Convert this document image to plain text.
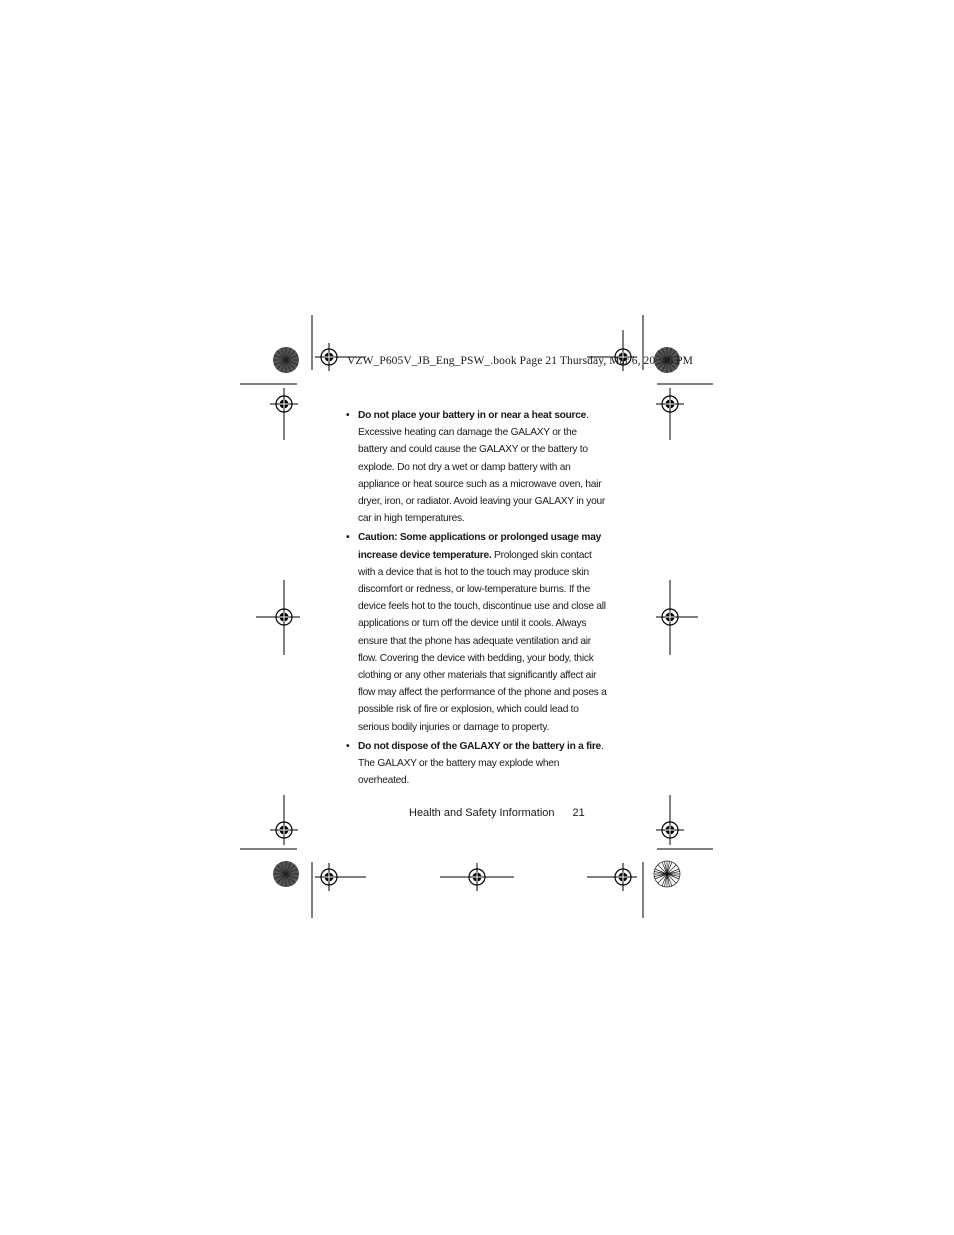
VZW_P605V_JB_Eng_PSW_.book Page 21 Thursday, Mar 6, 20 :46 PM
• Do not place your battery in or near a heat source. Excessive heating can damage the GALAXY or the battery and could cause the GALAXY or the battery to explode. Do not dry a wet or damp battery with an appliance or heat source such as a microwave oven, hair dryer, iron, or radiator. Avoid leaving your GALAXY in your car in high temperatures.
• Caution: Some applications or prolonged usage may increase device temperature. Prolonged skin contact with a device that is hot to the touch may produce skin discomfort or redness, or low-temperature burns. If the device feels hot to the touch, discontinue use and close all applications or turn off the device until it cools. Always ensure that the phone has adequate ventilation and air flow. Covering the device with bedding, your body, thick clothing or any other materials that significantly affect air flow may affect the performance of the phone and poses a possible risk of fire or explosion, which could lead to serious bodily injuries or damage to property.
• Do not dispose of the GALAXY or the battery in a fire. The GALAXY or the battery may explode when overheated.
Health and Safety Information 21
